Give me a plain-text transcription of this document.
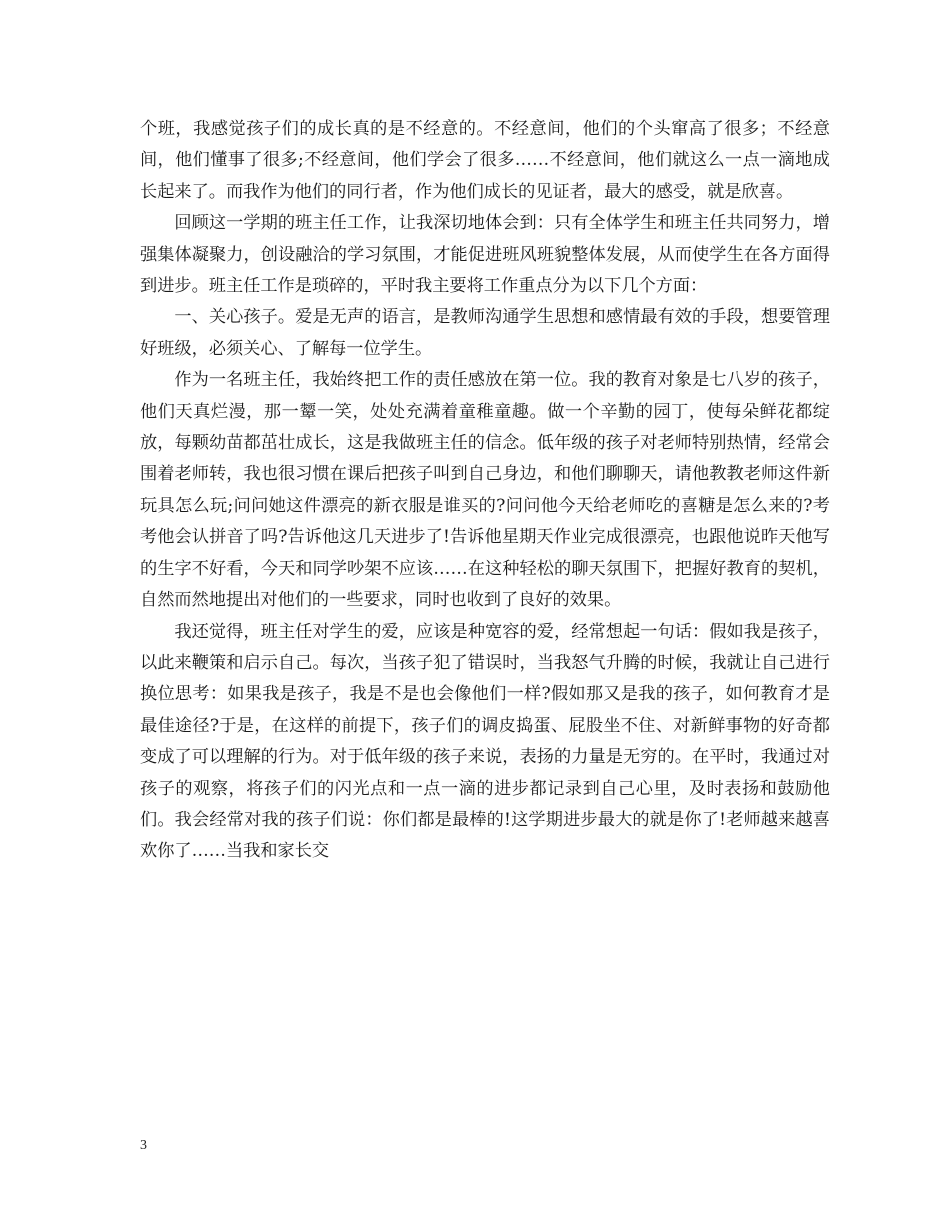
个班，我感觉孩子们的成长真的是不经意的。不经意间，他们的个头窜高了很多；不经意间，他们懂事了很多;不经意间，他们学会了很多……不经意间，他们就这么一点一滴地成长起来了。而我作为他们的同行者，作为他们成长的见证者，最大的感受，就是欣喜。

回顾这一学期的班主任工作，让我深切地体会到：只有全体学生和班主任共同努力，增强集体凝聚力，创设融洽的学习氛围，才能促进班风班貌整体发展，从而使学生在各方面得到进步。班主任工作是琐碎的，平时我主要将工作重点分为以下几个方面：

一、关心孩子。爱是无声的语言，是教师沟通学生思想和感情最有效的手段，想要管理好班级，必须关心、了解每一位学生。

作为一名班主任，我始终把工作的责任感放在第一位。我的教育对象是七八岁的孩子，他们天真烂漫，那一颦一笑，处处充满着童稚童趣。做一个辛勤的园丁，使每朵鲜花都绽放，每颗幼苗都茁壮成长，这是我做班主任的信念。低年级的孩子对老师特别热情，经常会围着老师转，我也很习惯在课后把孩子叫到自己身边，和他们聊聊天，请他教教老师这件新玩具怎么玩;问问她这件漂亮的新衣服是谁买的?问问他今天给老师吃的喜糖是怎么来的?考考他会认拼音了吗?告诉他这几天进步了!告诉他星期天作业完成很漂亮，也跟他说昨天他写的生字不好看，今天和同学吵架不应该……在这种轻松的聊天氛围下，把握好教育的契机，自然而然地提出对他们的一些要求，同时也收到了良好的效果。

我还觉得，班主任对学生的爱，应该是种宽容的爱，经常想起一句话：假如我是孩子，以此来鞭策和启示自己。每次，当孩子犯了错误时，当我怒气升腾的时候，我就让自己进行换位思考：如果我是孩子，我是不是也会像他们一样?假如那又是我的孩子，如何教育才是最佳途径?于是，在这样的前提下，孩子们的调皮捣蛋、屁股坐不住、对新鲜事物的好奇都变成了可以理解的行为。对于低年级的孩子来说，表扬的力量是无穷的。在平时，我通过对孩子的观察，将孩子们的闪光点和一点一滴的进步都记录到自己心里，及时表扬和鼓励他们。我会经常对我的孩子们说：你们都是最棒的!这学期进步最大的就是你了!老师越来越喜欢你了……当我和家长交

3
